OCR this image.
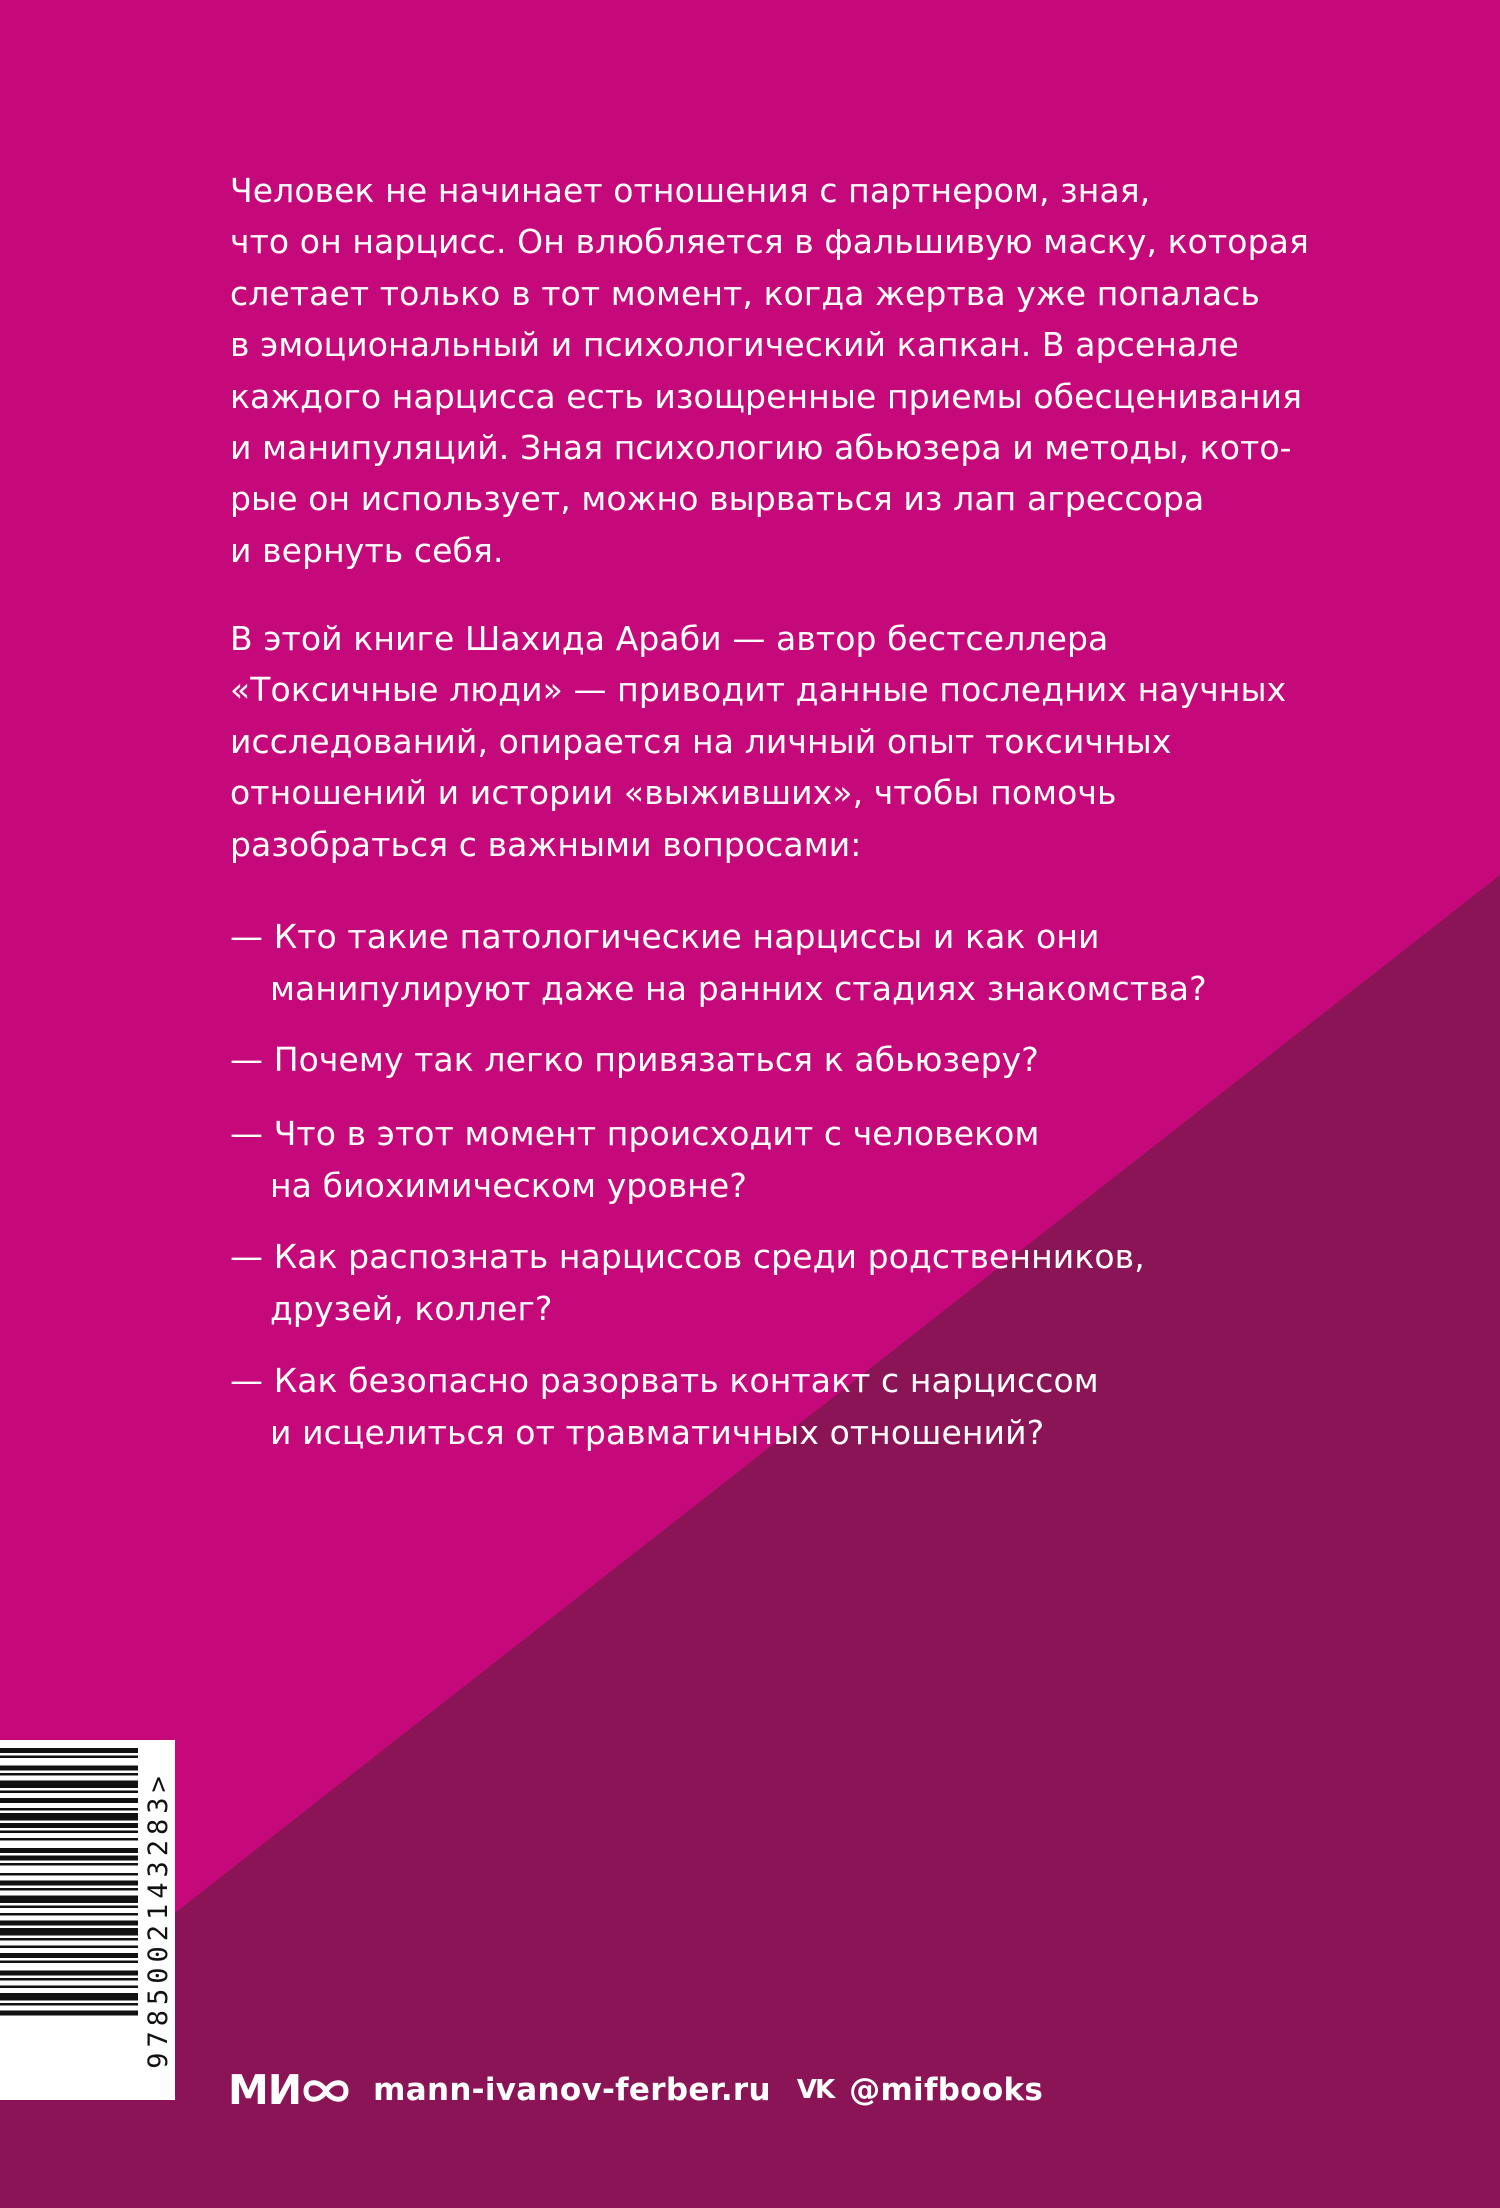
Человек не начинает отношения с партнером, зная,
что он нарцисс. Он влюбляется в фальшивую маску, которая
слетает только в тот момент, когда жертва уже попалась
в эмоциональный и психологический капкан. В арсенале
каждого нарцисса есть изощренные приемы обесценивания
и манипуляций. Зная психологию абьюзера и методы, кото-
рые он использует, можно вырваться из лап агрессора
и вернуть себя.

В этой книге Шахида Араби — автор бестселлера
«Токсичные люди» — приводит данные последних научных
исследований, опирается на личный опыт токсичных
отношений и истории «выживших», чтобы помочь
разобраться с важными вопросами:

— Кто такие патологические нарциссы и как они
манипулируют даже на ранних стадиях знакомства?

— Почему так легко привязаться к абьюзеру?

— Что в этот момент происходит с человеком
на биохимическом уровне?

— Как распознать нарциссов среди родственников,
друзей, коллег?

— Как безопасно разорвать контакт с нарциссом
и исцелиться от травматичных отношений?

9785002143283>
МИ	mann-ivanov-ferber.ru VK @mifbooks
